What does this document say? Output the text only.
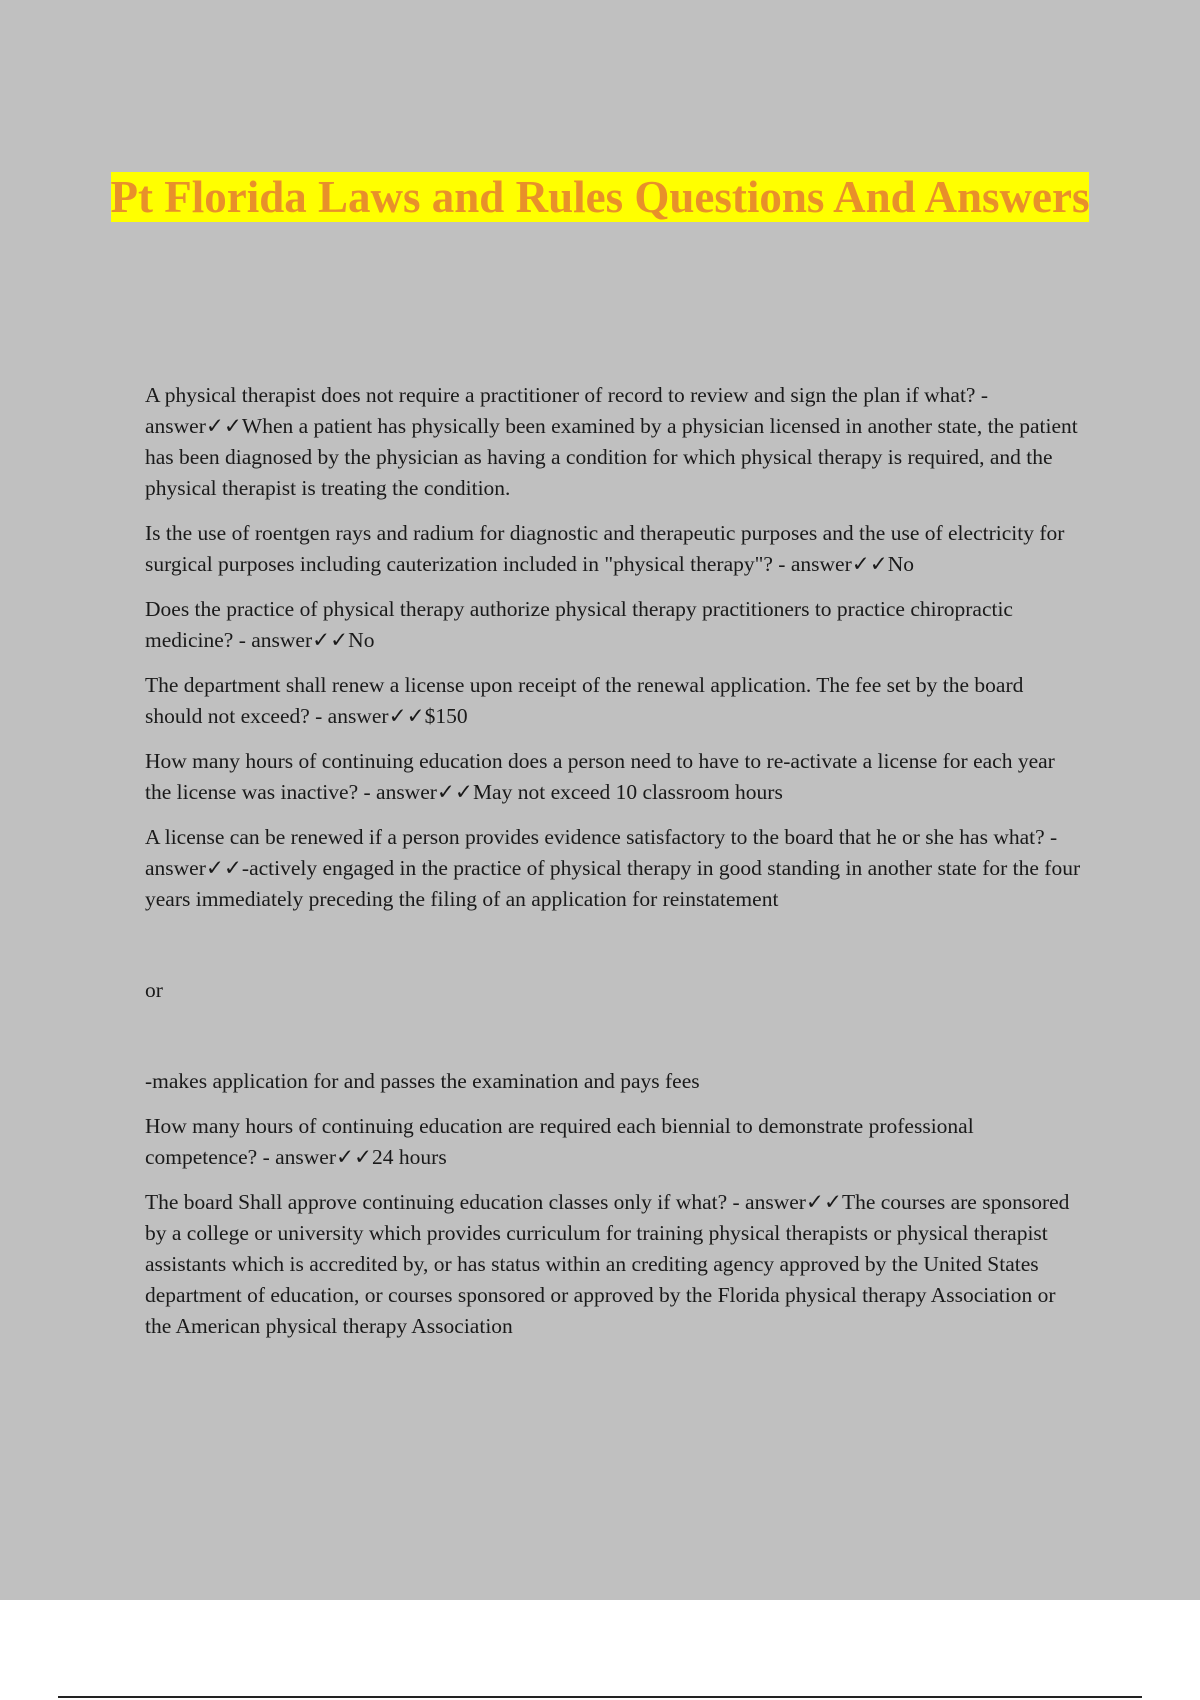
Pt Florida Laws and Rules Questions And Answers

A physical therapist does not require a practitioner of record to review and sign the plan if what? - answer✓✓When a patient has physically been examined by a physician licensed in another state, the patient has been diagnosed by the physician as having a condition for which physical therapy is required, and the physical therapist is treating the condition.

Is the use of roentgen rays and radium for diagnostic and therapeutic purposes and the use of electricity for surgical purposes including cauterization included in "physical therapy"? - answer✓✓No

Does the practice of physical therapy authorize physical therapy practitioners to practice chiropractic medicine? - answer✓✓No

The department shall renew a license upon receipt of the renewal application. The fee set by the board should not exceed? - answer✓✓$150

How many hours of continuing education does a person need to have to re-activate a license for each year the license was inactive? - answer✓✓May not exceed 10 classroom hours

A license can be renewed if a person provides evidence satisfactory to the board that he or she has what? - answer✓✓-actively engaged in the practice of physical therapy in good standing in another state for the four years immediately preceding the filing of an application for reinstatement

or

-makes application for and passes the examination and pays fees

How many hours of continuing education are required each biennial to demonstrate professional competence? - answer✓✓24 hours

The board Shall approve continuing education classes only if what? - answer✓✓The courses are sponsored by a college or university which provides curriculum for training physical therapists or physical therapist assistants which is accredited by, or has status within an crediting agency approved by the United States department of education, or courses sponsored or approved by the Florida physical therapy Association or the American physical therapy Association
